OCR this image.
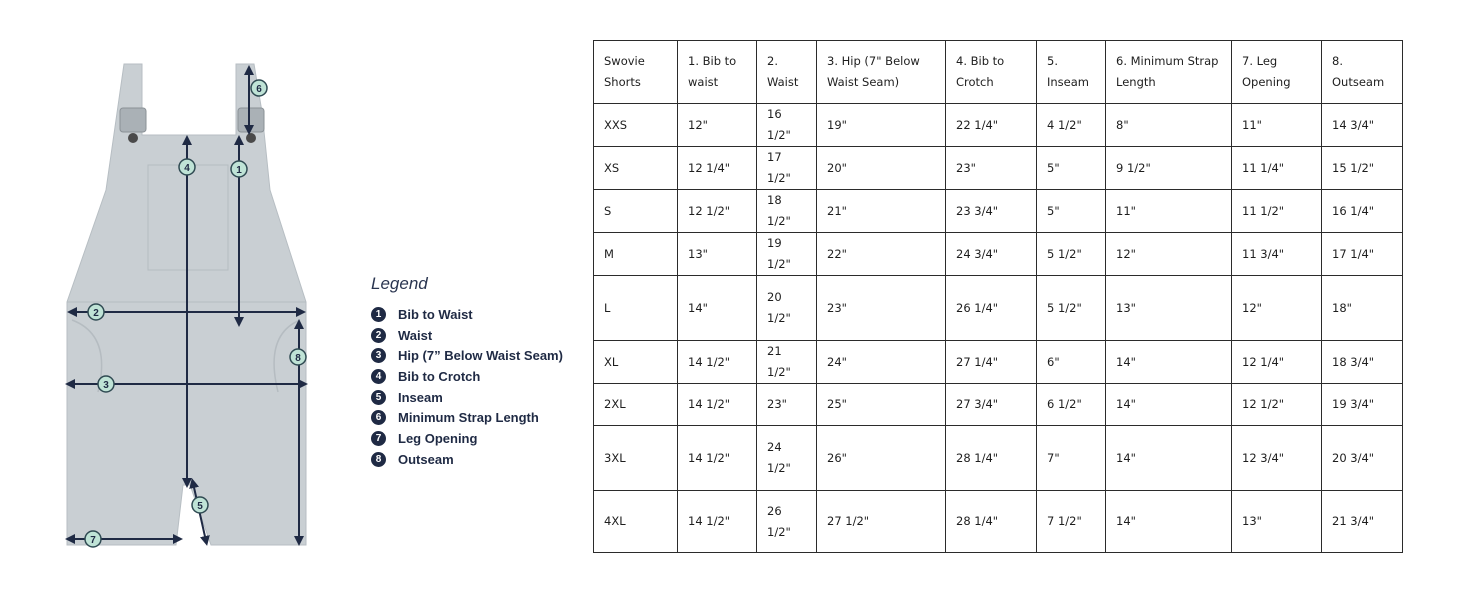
1
2
3
4
5
6
7
8
Legend
1	Bib to Waist
2	Waist
3	Hip (7” Below Waist Seam)
4	Bib to Crotch
5	Inseam
6	Minimum Strap Length
7	Leg Opening
8	Outseam
Swovie Shorts	1. Bib to waist	2. Waist	3. Hip (7" Below Waist Seam)	4. Bib to Crotch	5. Inseam	6. Minimum Strap Length	7. Leg Opening	8. Outseam
XXS	12"	16 1/2"	19"	22 1/4"	4 1/2"	8"	11"	14 3/4"
XS	12 1/4"	17 1/2"	20"	23"	5"	9 1/2"	11 1/4"	15 1/2"
S	12 1/2"	18 1/2"	21"	23 3/4"	5"	11"	11 1/2"	16 1/4"
M	13"	19 1/2"	22"	24 3/4"	5 1/2"	12"	11 3/4"	17 1/4"
L	14"	20 1/2"	23"	26 1/4"	5 1/2"	13"	12"	18"
XL	14 1/2"	21 1/2"	24"	27 1/4"	6"	14"	12 1/4"	18 3/4"
2XL	14 1/2"	23"	25"	27 3/4"	6 1/2"	14"	12 1/2"	19 3/4"
3XL	14 1/2"	24 1/2"	26"	28 1/4"	7"	14"	12 3/4"	20 3/4"
4XL	14 1/2"	26 1/2"	27 1/2"	28 1/4"	7 1/2"	14"	13"	21 3/4"
